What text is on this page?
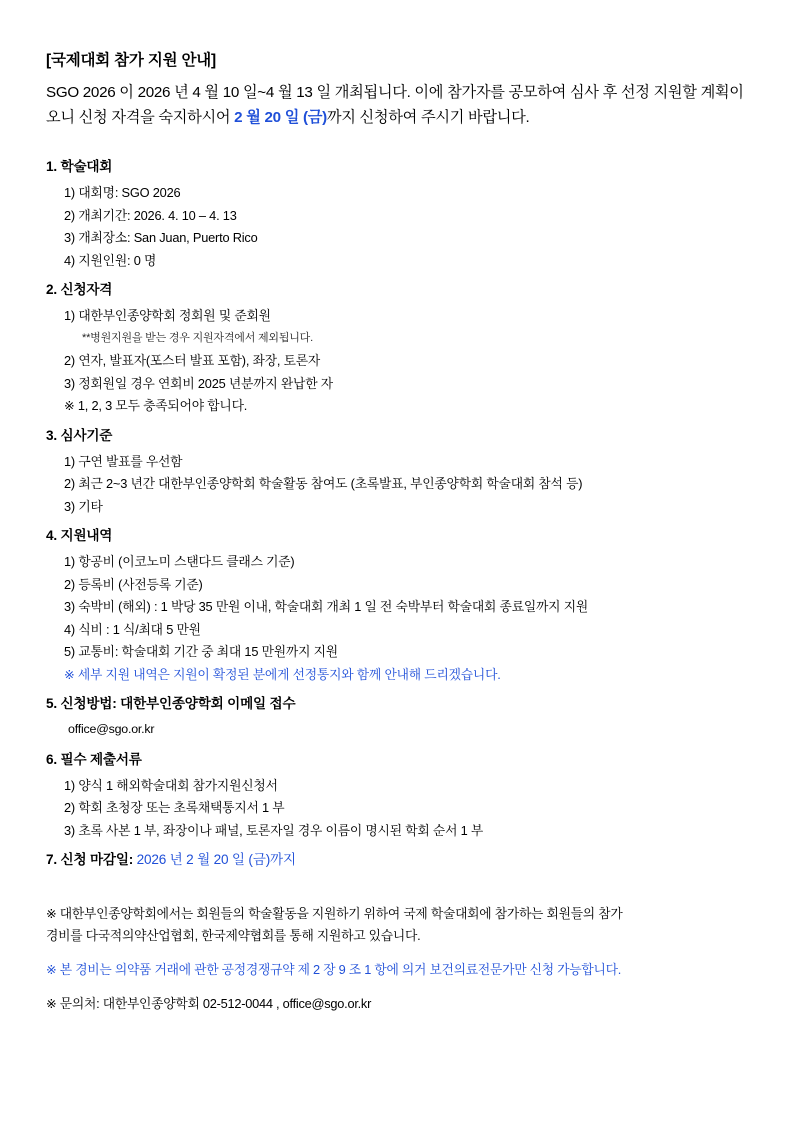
[국제대회 참가 지원 안내]

SGO 2026 이 2026 년 4 월 10 일~4 월 13 일 개최됩니다. 이에 참가자를 공모하여 심사 후 선정 지원할 계획이오니 신청 자격을 숙지하시어 2 월 20 일 (금)까지 신청하여 주시기 바랍니다.

1. 학술대회

1) 대회명: SGO 2026
2) 개최기간: 2026. 4. 10 – 4. 13
3) 개최장소: San Juan, Puerto Rico
4) 지원인원: 0 명

2. 신청자격

1) 대한부인종양학회 정회원 및 준회원
**병원지원을 받는 경우 지원자격에서 제외됩니다.
2) 연자, 발표자(포스터 발표 포함), 좌장, 토론자
3) 정회원일 경우 연회비 2025 년분까지 완납한 자
※ 1, 2, 3 모두 충족되어야 합니다.

3. 심사기준

1) 구연 발표를 우선함
2) 최근 2~3 년간 대한부인종양학회 학술활동 참여도 (초록발표, 부인종양학회 학술대회 참석 등)
3) 기타

4. 지원내역

1) 항공비 (이코노미 스탠다드 클래스 기준)
2) 등록비 (사전등록 기준)
3) 숙박비 (해외) : 1 박당 35 만원 이내, 학술대회 개최 1 일 전 숙박부터 학술대회 종료일까지 지원
4) 식비 : 1 식/최대 5 만원
5) 교통비: 학술대회 기간 중 최대 15 만원까지 지원
※ 세부 지원 내역은 지원이 확정된 분에게 선정통지와 함께 안내해 드리겠습니다.

5. 신청방법: 대한부인종양학회 이메일 접수

office@sgo.or.kr

6. 필수 제출서류

1) 양식 1 해외학술대회 참가지원신청서
2) 학회 초청장 또는 초록채택통지서 1 부
3) 초록 사본 1 부, 좌장이나 패널, 토론자일 경우 이름이 명시된 학회 순서 1 부

7. 신청 마감일: 2026 년 2 월 20 일 (금)까지

※ 대한부인종양학회에서는 회원들의 학술활동을 지원하기 위하여 국제 학술대회에 참가하는 회원들의 참가
경비를 다국적의약산업협회, 한국제약협회를 통해 지원하고 있습니다.

※ 본 경비는 의약품 거래에 관한 공정경쟁규약 제 2 장 9 조 1 항에 의거 보건의료전문가만 신청 가능합니다.

※ 문의처: 대한부인종양학회 02-512-0044 , office@sgo.or.kr
